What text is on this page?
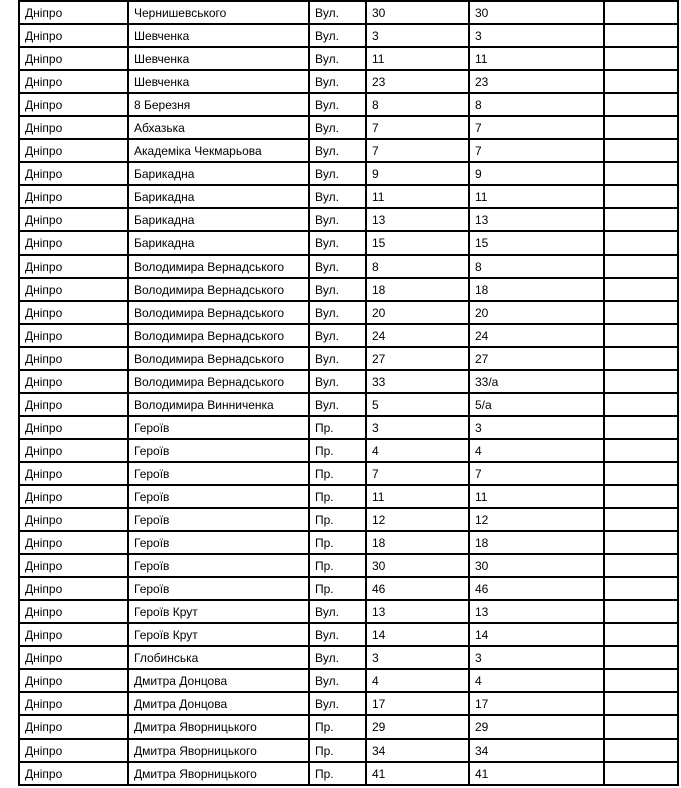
Дніпро	Чернишевського	Вул.	30	30	
Дніпро	Шевченка	Вул.	3	3	
Дніпро	Шевченка	Вул.	11	11	
Дніпро	Шевченка	Вул.	23	23	
Дніпро	8 Березня	Вул.	8	8	
Дніпро	Абхазька	Вул.	7	7	
Дніпро	Академіка Чекмарьова	Вул.	7	7	
Дніпро	Барикадна	Вул.	9	9	
Дніпро	Барикадна	Вул.	11	11	
Дніпро	Барикадна	Вул.	13	13	
Дніпро	Барикадна	Вул.	15	15	
Дніпро	Володимира Вернадського	Вул.	8	8	
Дніпро	Володимира Вернадського	Вул.	18	18	
Дніпро	Володимира Вернадського	Вул.	20	20	
Дніпро	Володимира Вернадського	Вул.	24	24	
Дніпро	Володимира Вернадського	Вул.	27	27	
Дніпро	Володимира Вернадського	Вул.	33	33/а	
Дніпро	Володимира Винниченка	Вул.	5	5/а	
Дніпро	Героїв	Пр.	3	3	
Дніпро	Героїв	Пр.	4	4	
Дніпро	Героїв	Пр.	7	7	
Дніпро	Героїв	Пр.	11	11	
Дніпро	Героїв	Пр.	12	12	
Дніпро	Героїв	Пр.	18	18	
Дніпро	Героїв	Пр.	30	30	
Дніпро	Героїв	Пр.	46	46	
Дніпро	Героїв Крут	Вул.	13	13	
Дніпро	Героїв Крут	Вул.	14	14	
Дніпро	Глобинська	Вул.	3	3	
Дніпро	Дмитра Донцова	Вул.	4	4	
Дніпро	Дмитра Донцова	Вул.	17	17	
Дніпро	Дмитра Яворницького	Пр.	29	29	
Дніпро	Дмитра Яворницького	Пр.	34	34	
Дніпро	Дмитра Яворницького	Пр.	41	41	
